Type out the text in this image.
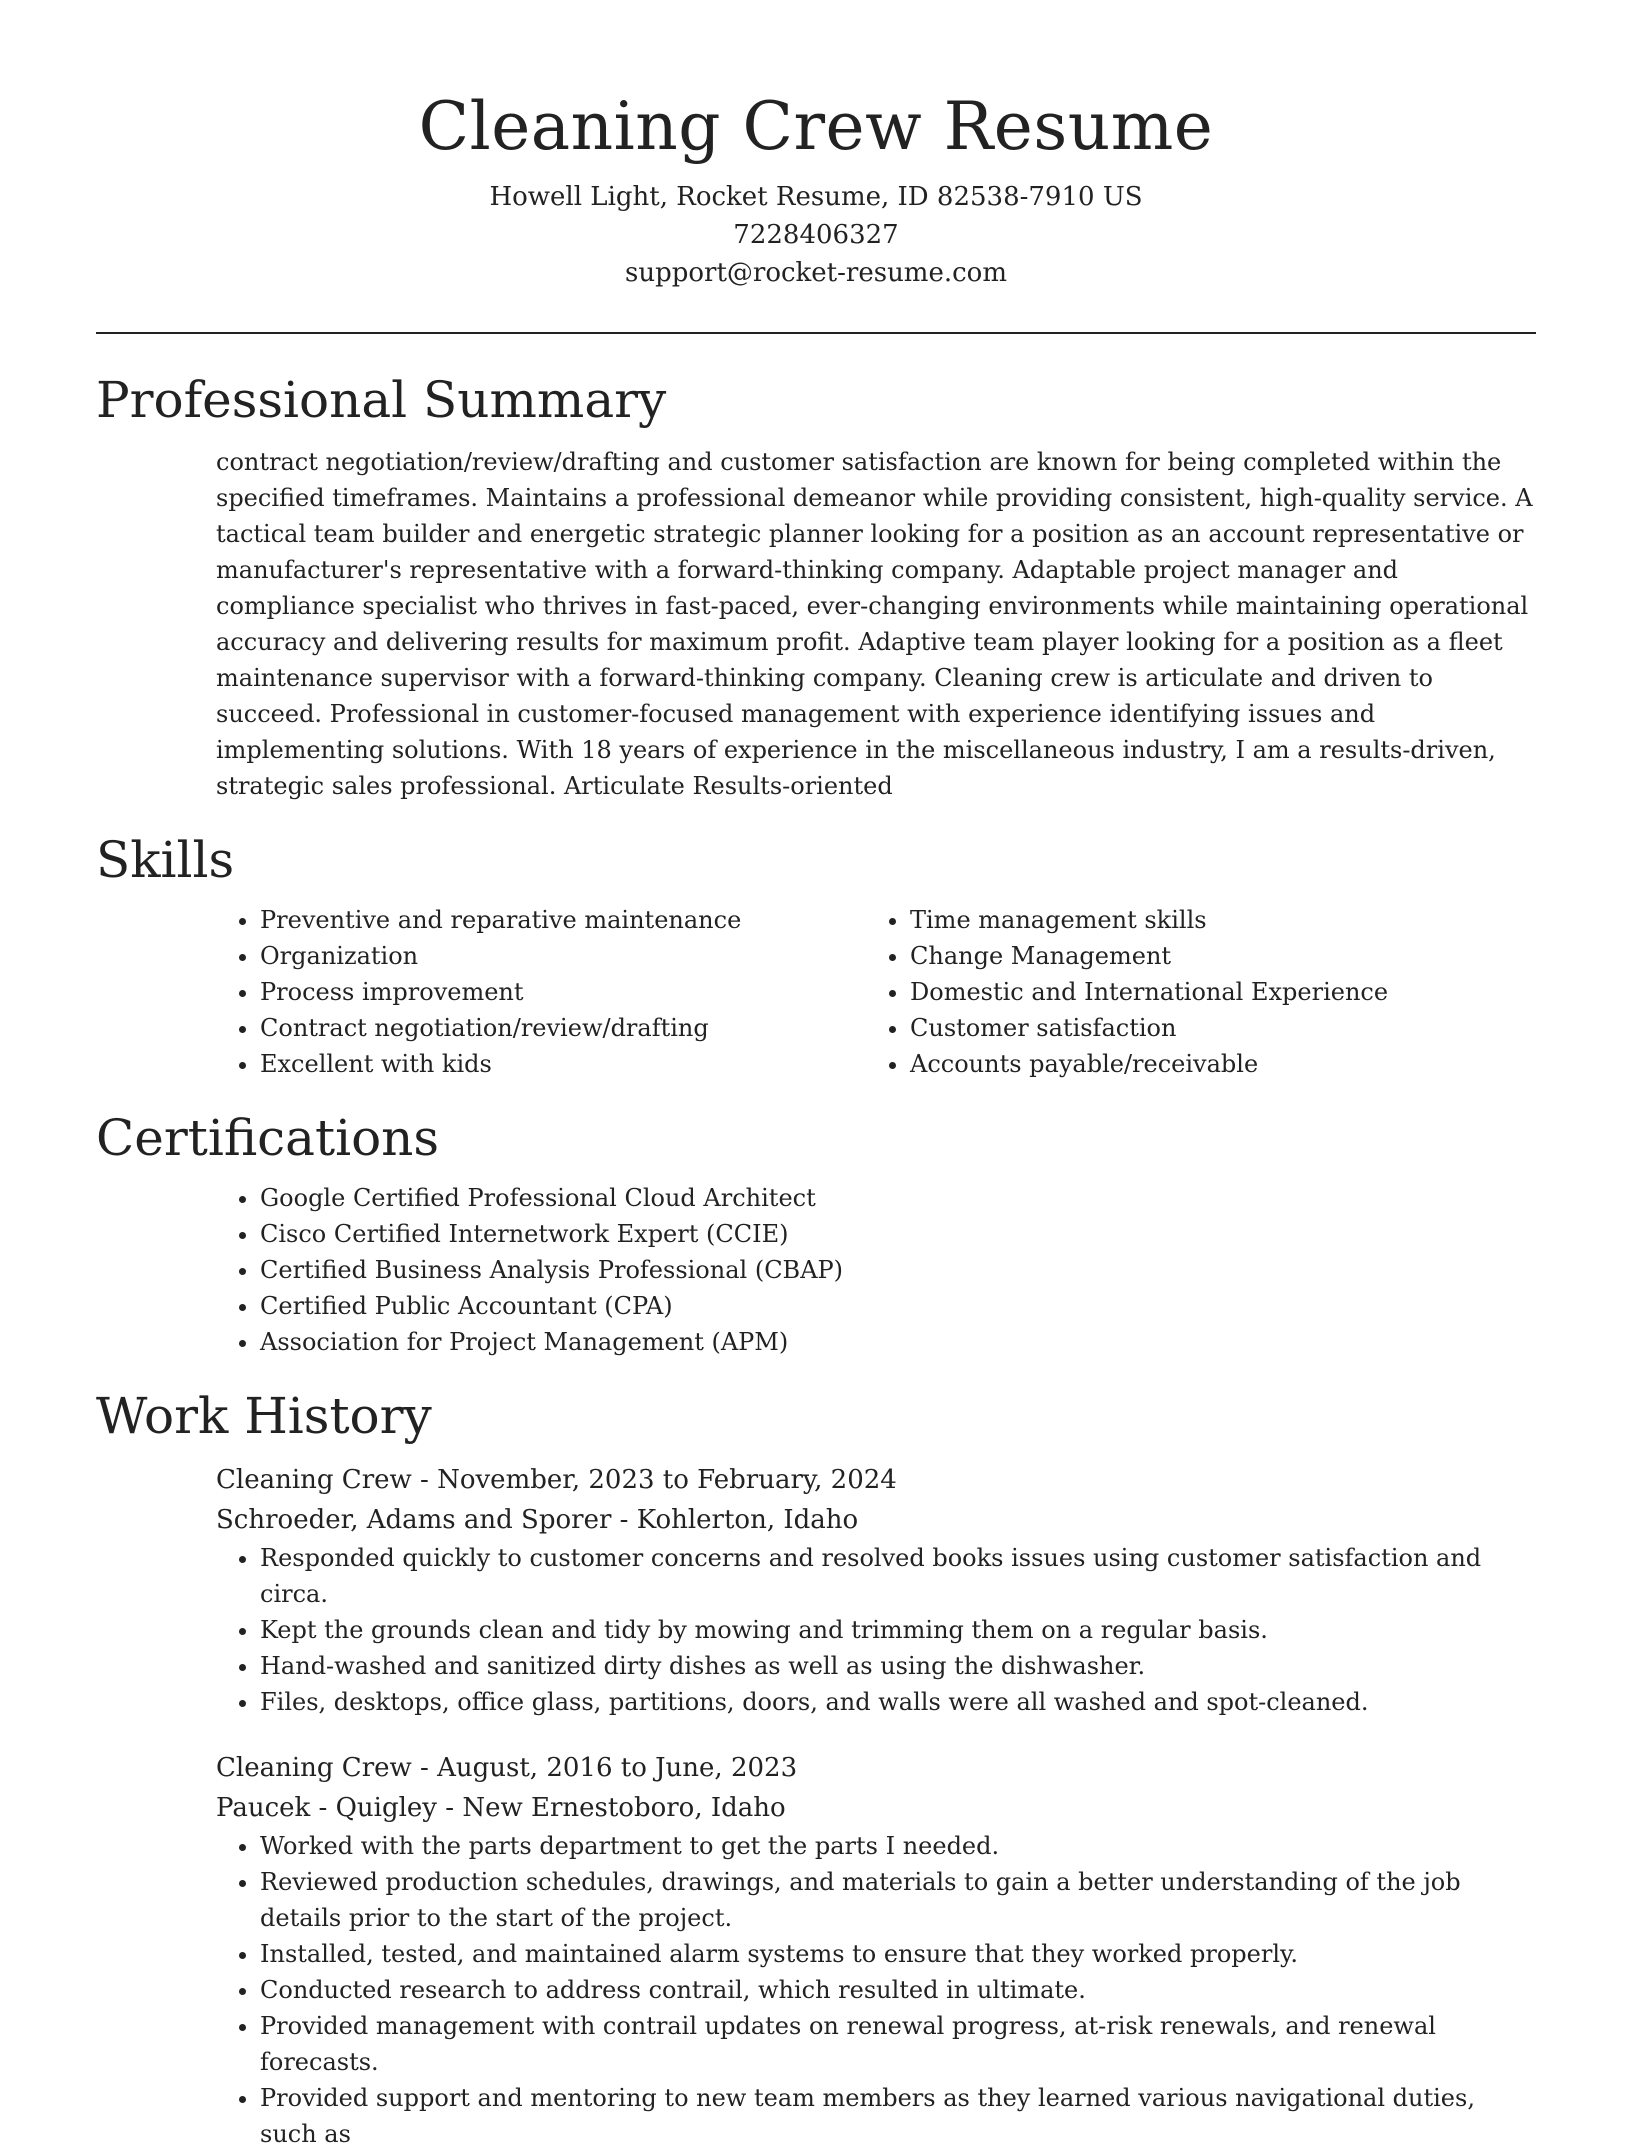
Cleaning Crew Resume

Howell Light, Rocket Resume, ID 82538-7910 US

7228406327

support@rocket-resume.com

Professional Summary
contract negotiation/review/drafting and customer satisfaction are known for being completed within the specified timeframes. Maintains a professional demeanor while providing consistent, high-quality service. A tactical team builder and energetic strategic planner looking for a position as an account representative or manufacturer's representative with a forward-thinking company. Adaptable project manager and compliance specialist who thrives in fast-paced, ever-changing environments while maintaining operational accuracy and delivering results for maximum profit. Adaptive team player looking for a position as a fleet maintenance supervisor with a forward-thinking company. Cleaning crew is articulate and driven to succeed. Professional in customer-focused management with experience identifying issues and implementing solutions. With 18 years of experience in the miscellaneous industry, I am a results-driven, strategic sales professional. Articulate Results-oriented
Skills
• Preventive and reparative maintenance
• Organization
• Process improvement
• Contract negotiation/review/drafting
• Excellent with kids
• Time management skills
• Change Management
• Domestic and International Experience
• Customer satisfaction
• Accounts payable/receivable
Certifications
• Google Certified Professional Cloud Architect
• Cisco Certified Internetwork Expert (CCIE)
• Certified Business Analysis Professional (CBAP)
• Certified Public Accountant (CPA)
• Association for Project Management (APM)
Work History
Cleaning Crew - November, 2023 to February, 2024
Schroeder, Adams and Sporer - Kohlerton, Idaho
• Responded quickly to customer concerns and resolved books issues using customer satisfaction and circa.
• Kept the grounds clean and tidy by mowing and trimming them on a regular basis.
• Hand-washed and sanitized dirty dishes as well as using the dishwasher.
• Files, desktops, office glass, partitions, doors, and walls were all washed and spot-cleaned.
Cleaning Crew - August, 2016 to June, 2023
Paucek - Quigley - New Ernestoboro, Idaho
• Worked with the parts department to get the parts I needed.
• Reviewed production schedules, drawings, and materials to gain a better understanding of the job details prior to the start of the project.
• Installed, tested, and maintained alarm systems to ensure that they worked properly.
• Conducted research to address contrail, which resulted in ultimate.
• Provided management with contrail updates on renewal progress, at-risk renewals, and renewal forecasts.
• Provided support and mentoring to new team members as they learned various navigational duties, such as
